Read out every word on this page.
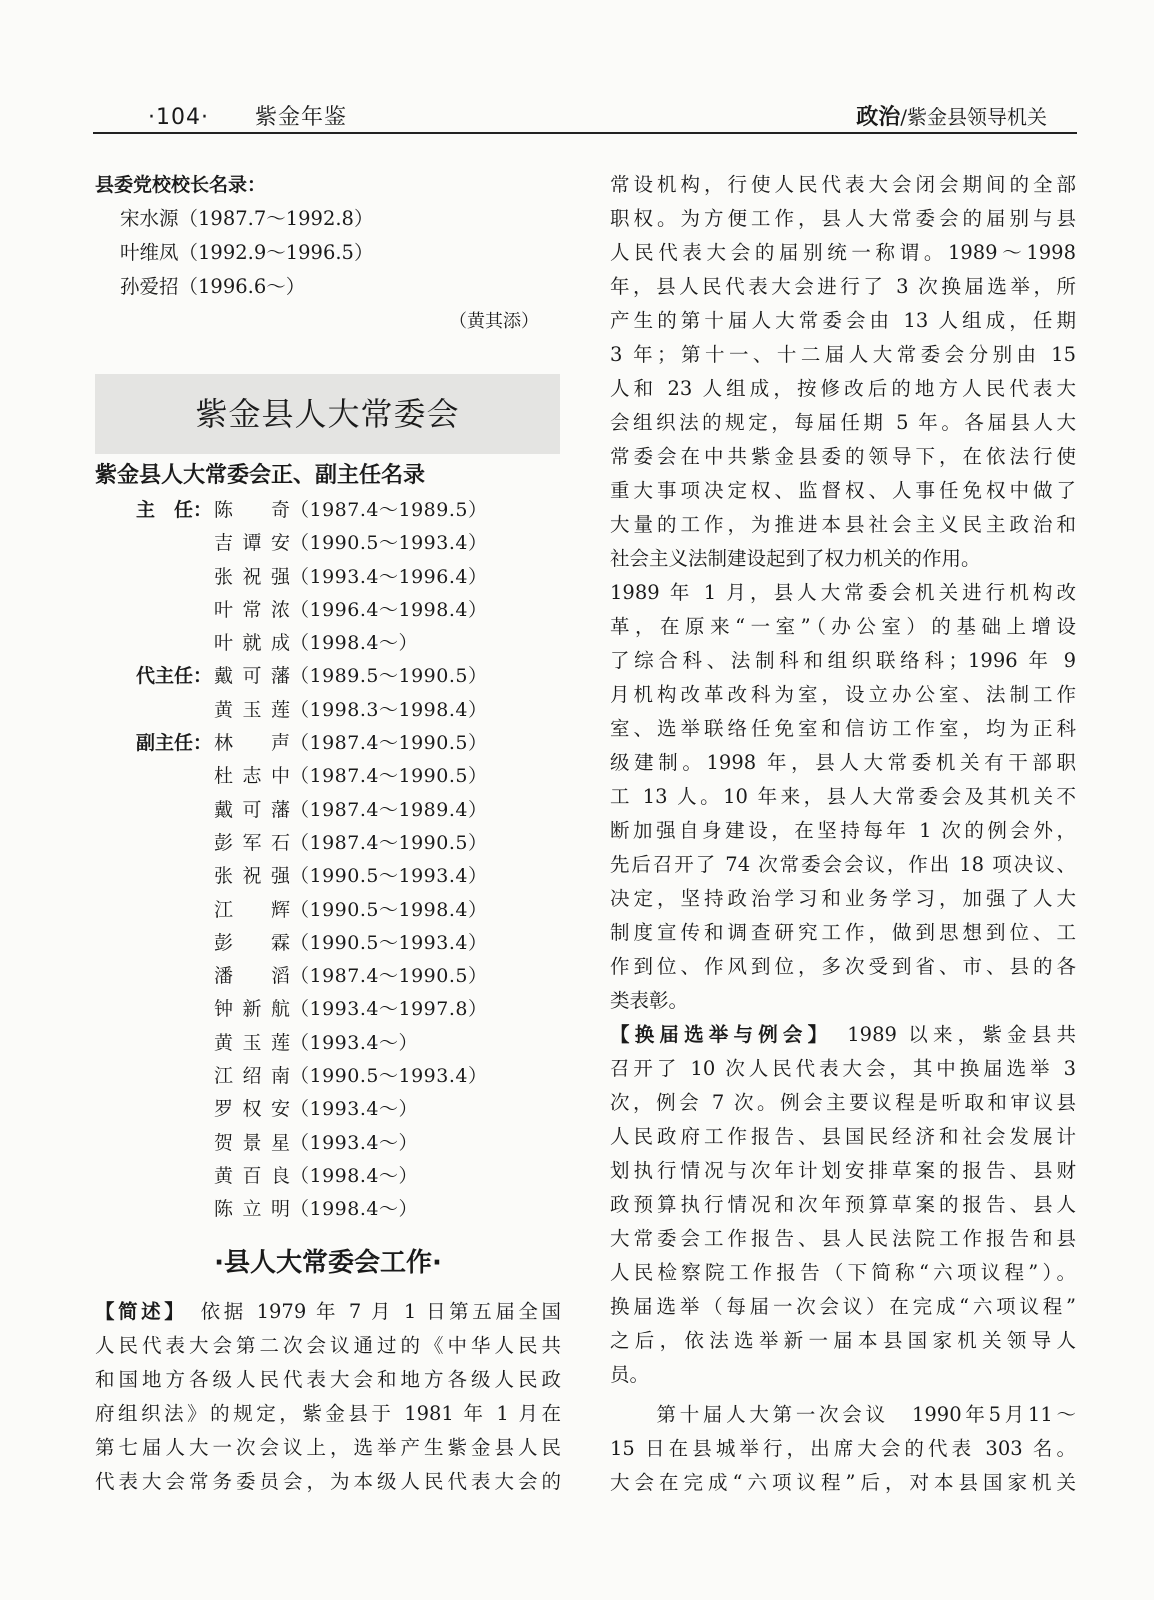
·104· 紫金年鉴	政治/紫金县领导机关
县委党校校长名录：
宋水源（1987.7～1992.8）
叶维凤（1992.9～1996.5）
孙爱招（1996.6～）
（黄其添）
紫金县人大常委会
紫金县人大常委会正、副主任名录
主　任： 陈　奇 （1987.4～1989.5）
吉谭安 （1990.5～1993.4）
张祝强 （1993.4～1996.4）
叶常浓 （1996.4～1998.4）
叶就成 （1998.4～）
代主任： 戴可藩 （1989.5～1990.5）
黄玉莲 （1998.3～1998.4）
副主任： 林　声 （1987.4～1990.5）
杜志中 （1987.4～1990.5）
戴可藩 （1987.4～1989.4）
彭军石 （1987.4～1990.5）
张祝强 （1990.5～1993.4）
江　辉 （1990.5～1998.4）
彭　霖 （1990.5～1993.4）
潘　滔 （1987.4～1990.5）
钟新航 （1993.4～1997.8）
黄玉莲 （1993.4～）
江绍南 （1990.5～1993.4）
罗权安 （1993.4～）
贺景星 （1993.4～）
黄百良 （1998.4～）
陈立明 （1998.4～）
·县人大常委会工作·
【简述】　 依据 1979 年 7 月 1 日第五届全国
人民代表大会第二次会议通过的《中华人民共
和国地方各级人民代表大会和地方各级人民政
府组织法》的规定，紫金县于 1981 年 1 月在
第七届人大一次会议上，选举产生紫金县人民
代表大会常务委员会，为本级人民代表大会的
常设机构，行使人民代表大会闭会期间的全部
职权。为方便工作，县人大常委会的届别与县
人民代表大会的届别统一称谓。1989～1998
年，县人民代表大会进行了 3 次换届选举，所
产生的第十届人大常委会由 13 人组成，任期
3 年；第十一、十二届人大常委会分别由 15
人和 23 人组成，按修改后的地方人民代表大
会组织法的规定，每届任期 5 年。各届县人大
常委会在中共紫金县委的领导下，在依法行使
重大事项决定权、监督权、人事任免权中做了
大量的工作，为推进本县社会主义民主政治和
社会主义法制建设起到了权力机关的作用。
1989 年 1 月，县人大常委会机关进行机构改
革，在原来“一室”（办公室）的基础上增设
了综合科、法制科和组织联络科；1996 年 9
月机构改革改科为室，设立办公室、法制工作
室、选举联络任免室和信访工作室，均为正科
级建制。1998 年，县人大常委机关有干部职
工 13 人。10 年来，县人大常委会及其机关不
断加强自身建设，在坚持每年 1 次的例会外，
先后召开了 74 次常委会会议，作出 18 项决议、
决定，坚持政治学习和业务学习，加强了人大
制度宣传和调查研究工作，做到思想到位、工
作到位、作风到位，多次受到省、市、县的各
类表彰。
【换届选举与例会】　 1989 以来，紫金县共
召开了 10 次人民代表大会，其中换届选举 3
次，例会 7 次。例会主要议程是听取和审议县
人民政府工作报告、县国民经济和社会发展计
划执行情况与次年计划安排草案的报告、县财
政预算执行情况和次年预算草案的报告、县人
大常委会工作报告、县人民法院工作报告和县
人民检察院工作报告（下简称“六项议程”）。
换届选举（每届一次会议）在完成“六项议程”
之后，依法选举新一届本县国家机关领导人
员。
　　第十届人大第一次会议　 1990年5月11～
15 日在县城举行，出席大会的代表 303 名。
大会在完成“六项议程”后，对本县国家机关
